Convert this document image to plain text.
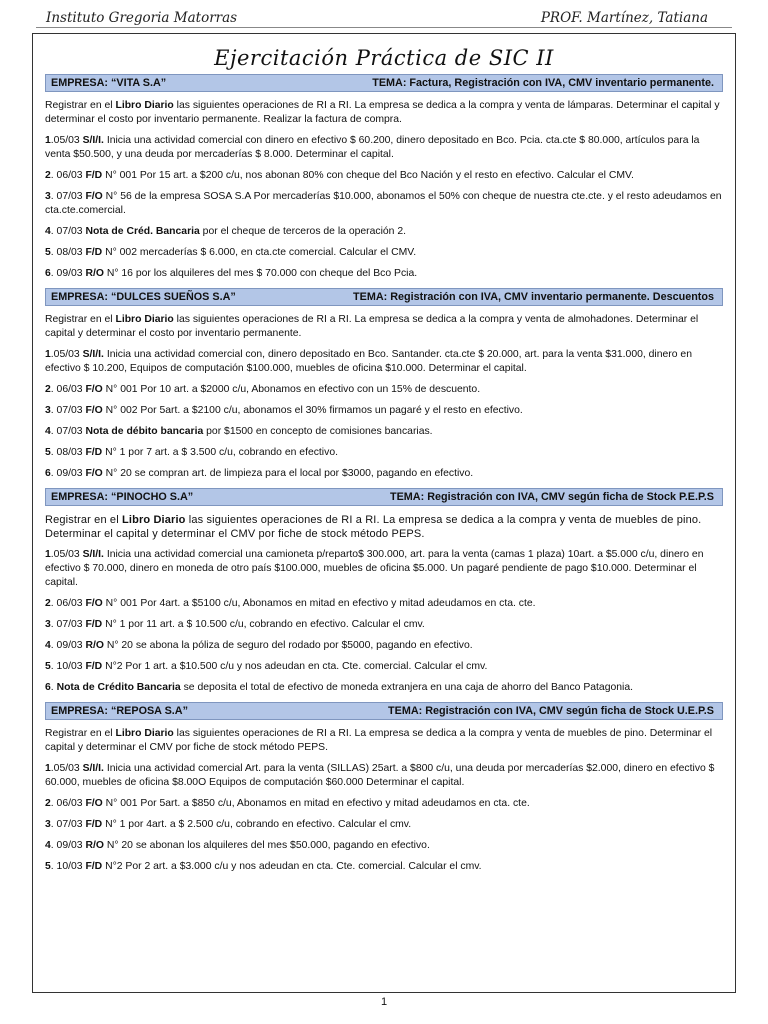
Instituto Gregoria Matorras	PROF. Martínez, Tatiana
Ejercitación Práctica de SIC II
EMPRESA: “VITA S.A”	TEMA: Factura, Registración con IVA, CMV inventario permanente.

Registrar en el Libro Diario las siguientes operaciones de RI a RI. La empresa se dedica a la compra y venta de lámparas. Determinar el capital y determinar el costo por inventario permanente. Realizar la factura de compra.

1.05/03 S/I/I. Inicia una actividad comercial con dinero en efectivo $ 60.200, dinero depositado en Bco. Pcia. cta.cte $ 80.000, artículos para la venta $50.500, y una deuda por mercaderías $ 8.000. Determinar el capital.

2. 06/03 F/D N° 001 Por 15 art. a $200 c/u, nos abonan 80% con cheque del Bco Nación y el resto en efectivo. Calcular el CMV.

3. 07/03 F/O N° 56 de la empresa SOSA S.A Por mercaderías $10.000, abonamos el 50% con cheque de nuestra cte.cte. y el resto adeudamos en cta.cte.comercial.

4. 07/03 Nota de Créd. Bancaria por el cheque de terceros de la operación 2.

5. 08/03 F/D N° 002 mercaderías $ 6.000, en cta.cte comercial. Calcular el CMV.

6. 09/03 R/O N° 16 por los alquileres del mes $ 70.000 con cheque del Bco Pcia.

EMPRESA: “DULCES SUEÑOS S.A”	TEMA: Registración con IVA, CMV inventario permanente. Descuentos

Registrar en el Libro Diario las siguientes operaciones de RI a RI. La empresa se dedica a la compra y venta de almohadones. Determinar el capital y determinar el costo por inventario permanente.

1.05/03 S/I/I. Inicia una actividad comercial con, dinero depositado en Bco. Santander. cta.cte $ 20.000, art. para la venta $31.000, dinero en efectivo $ 10.200, Equipos de computación $100.000, muebles de oficina $10.000. Determinar el capital.

2. 06/03 F/O N° 001 Por 10 art. a $2000 c/u, Abonamos en efectivo con un 15% de descuento.

3. 07/03 F/O N° 002 Por 5art. a $2100 c/u, abonamos el 30% firmamos un pagaré y el resto en efectivo.

4. 07/03 Nota de débito bancaria por $1500 en concepto de comisiones bancarias.

5. 08/03 F/D N° 1 por 7 art. a $ 3.500 c/u, cobrando en efectivo.

6. 09/03 F/O N° 20 se compran art. de limpieza para el local por $3000, pagando en efectivo.

EMPRESA: “PINOCHO S.A”	TEMA: Registración con IVA, CMV según ficha de Stock P.E.P.S

Registrar en el Libro Diario las siguientes operaciones de RI a RI. La empresa se dedica a la compra y venta de muebles de pino. Determinar el capital y determinar el CMV por fiche de stock método PEPS.

1.05/03 S/I/I. Inicia una actividad comercial una camioneta p/reparto$ 300.000, art. para la venta (camas 1 plaza) 10art. a $5.000 c/u, dinero en efectivo $ 70.000, dinero en moneda de otro país $100.000, muebles de oficina $5.000. Un pagaré pendiente de pago $10.000. Determinar el capital.

2. 06/03 F/O N° 001 Por 4art. a $5100 c/u, Abonamos en mitad en efectivo y mitad adeudamos en cta. cte.

3. 07/03 F/D N° 1 por 11 art. a $ 10.500 c/u, cobrando en efectivo. Calcular el cmv.

4. 09/03 R/O N° 20 se abona la póliza de seguro del rodado por $5000, pagando en efectivo.

5. 10/03 F/D N°2 Por 1 art. a $10.500 c/u y nos adeudan en cta. Cte. comercial. Calcular el cmv.

6. Nota de Crédito Bancaria se deposita el total de efectivo de moneda extranjera en una caja de ahorro del Banco Patagonia.

EMPRESA: “REPOSA S.A”	TEMA: Registración con IVA, CMV según ficha de Stock U.E.P.S

Registrar en el Libro Diario las siguientes operaciones de RI a RI. La empresa se dedica a la compra y venta de muebles de pino. Determinar el capital y determinar el CMV por fiche de stock método PEPS.

1.05/03 S/I/I. Inicia una actividad comercial Art. para la venta (SILLAS) 25art. a $800 c/u, una deuda por mercaderías $2.000, dinero en efectivo $ 60.000, muebles de oficina $8.00O Equipos de computación $60.000 Determinar el capital.

2. 06/03 F/O N° 001 Por 5art. a $850 c/u, Abonamos en mitad en efectivo y mitad adeudamos en cta. cte.

3. 07/03 F/D N° 1 por 4art. a $ 2.500 c/u, cobrando en efectivo. Calcular el cmv.

4. 09/03 R/O N° 20 se abonan los alquileres del mes $50.000, pagando en efectivo.

5. 10/03 F/D N°2 Por 2 art. a $3.000 c/u y nos adeudan en cta. Cte. comercial. Calcular el cmv.

1
